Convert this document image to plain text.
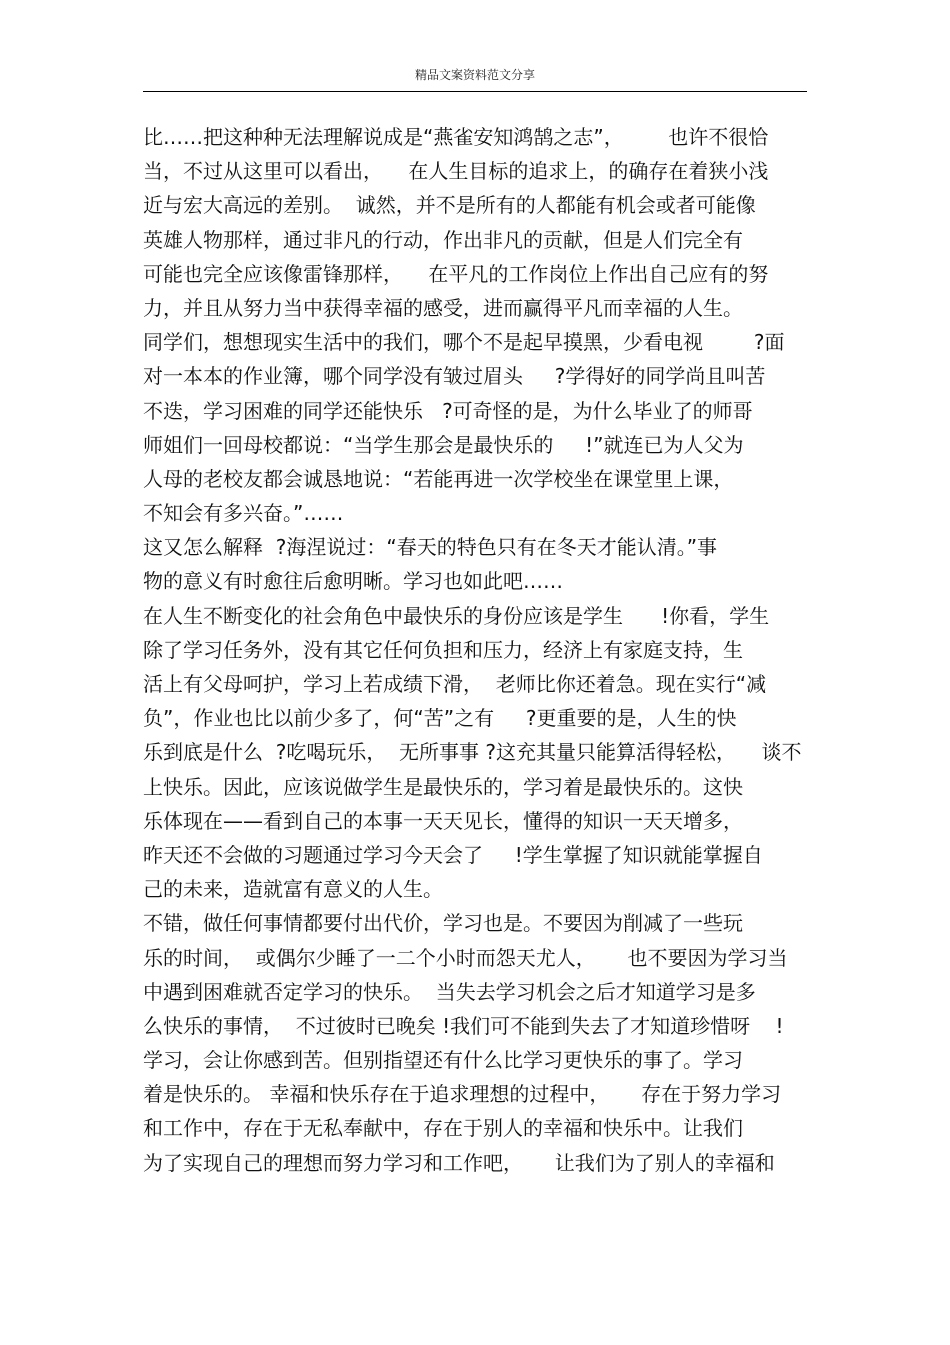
精品文案资料范文分享
比……把这种种无法理解说成是“燕雀安知鸿鹄之志”，       也许不很恰
当，不过从这里可以看出，    在人生目标的追求上，的确存在着狭小浅
近与宏大高远的差别。  诚然，并不是所有的人都能有机会或者可能像
英雄人物那样，通过非凡的行动，作出非凡的贡献，但是人们完全有
可能也完全应该像雷锋那样，    在平凡的工作岗位上作出自己应有的努
力，并且从努力当中获得幸福的感受，进而赢得平凡而幸福的人生。
同学们，想想现实生活中的我们，哪个不是起早摸黑，少看电视        ?面
对一本本的作业簿，哪个同学没有皱过眉头     ?学得好的同学尚且叫苦
不迭，学习困难的同学还能快乐   ?可奇怪的是，为什么毕业了的师哥
师姐们一回母校都说：“当学生那会是最快乐的     !”就连已为人父为
人母的老校友都会诚恳地说：“若能再进一次学校坐在课堂里上课，
不知会有多兴奋。”……
这又怎么解释  ?海涅说过：“春天的特色只有在冬天才能认清。”事
物的意义有时愈往后愈明晰。学习也如此吧……
在人生不断变化的社会角色中最快乐的身份应该是学生      !你看，学生
除了学习任务外，没有其它任何负担和压力，经济上有家庭支持，生
活上有父母呵护，学习上若成绩下滑，  老师比你还着急。现在实行“减
负”，作业也比以前少多了，何“苦”之有     ?更重要的是，人生的快
乐到底是什么  ?吃喝玩乐，  无所事事 ?这充其量只能算活得轻松，    谈不
上快乐。因此，应该说做学生是最快乐的，学习着是最快乐的。这快
乐体现在——看到自己的本事一天天见长，懂得的知识一天天增多，
昨天还不会做的习题通过学习今天会了     !学生掌握了知识就能掌握自
己的未来，造就富有意义的人生。
不错，做任何事情都要付出代价，学习也是。不要因为削减了一些玩
乐的时间，  或偶尔少睡了一二个小时而怨天尤人，     也不要因为学习当
中遇到困难就否定学习的快乐。  当失去学习机会之后才知道学习是多
么快乐的事情，  不过彼时已晚矣 !我们可不能到失去了才知道珍惜呀    !
学习，会让你感到苦。但别指望还有什么比学习更快乐的事了。学习
着是快乐的。 幸福和快乐存在于追求理想的过程中，     存在于努力学习
和工作中，存在于无私奉献中，存在于别人的幸福和快乐中。让我们
为了实现自己的理想而努力学习和工作吧，     让我们为了别人的幸福和
